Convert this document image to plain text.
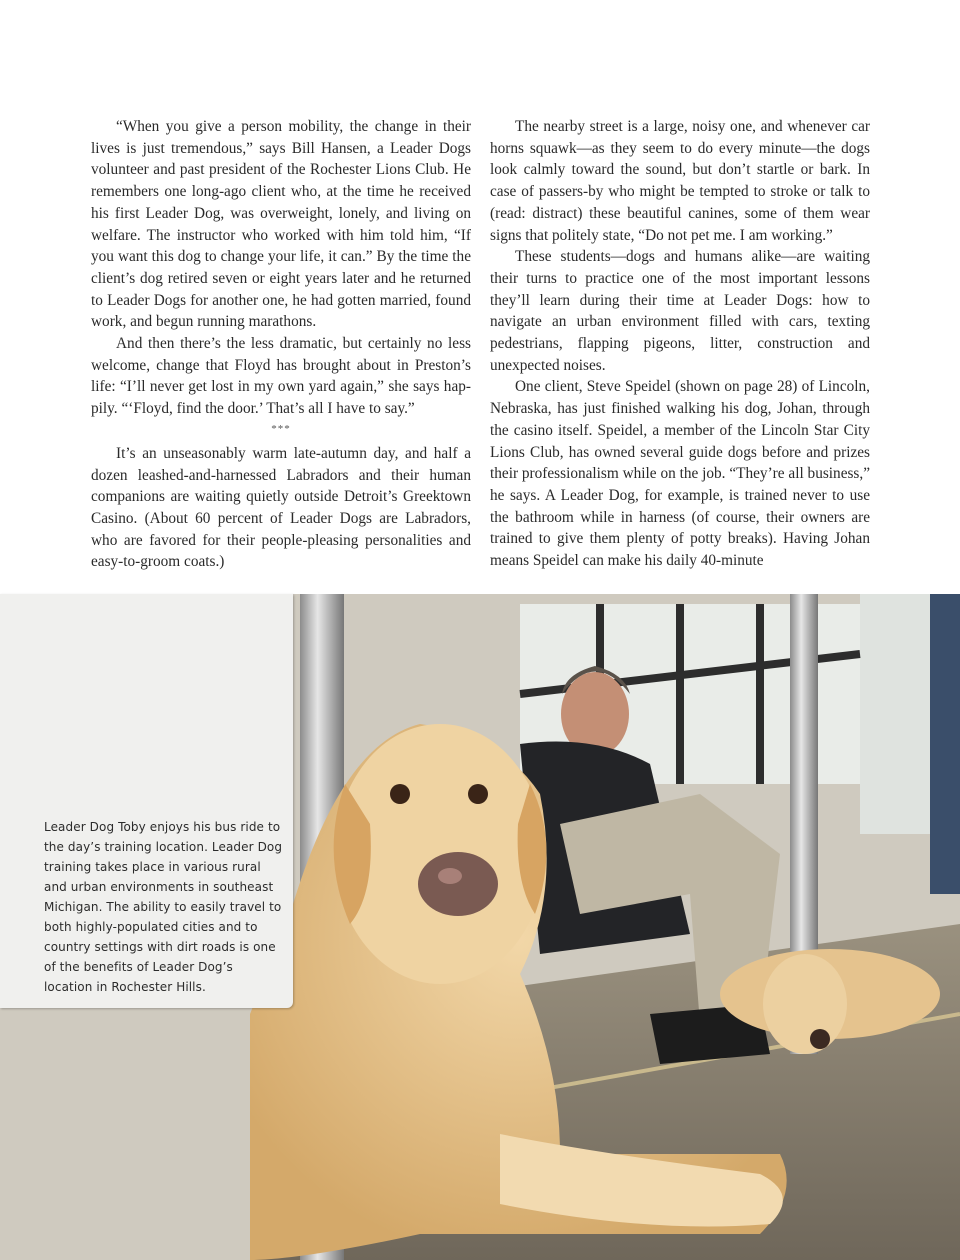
“When you give a person mobility, the change in their lives is just tremendous,” says Bill Hansen, a Leader Dogs volunteer and past president of the Rochester Lions Club. He remembers one long-ago client who, at the time he received his first Leader Dog, was overweight, lonely, and living on welfare. The instructor who worked with him told him, “If you want this dog to change your life, it can.” By the time the client’s dog retired seven or eight years later and he returned to Leader Dogs for another one, he had gotten married, found work, and begun running marathons.

And then there’s the less dramatic, but certainly no less welcome, change that Floyd has brought about in Preston’s life: “I’ll never get lost in my own yard again,” she says happily. “‘Floyd, find the door.’ That’s all I have to say.”

***

It’s an unseasonably warm late-autumn day, and half a dozen leashed-and-harnessed Labradors and their human companions are waiting quietly outside Detroit’s Greektown Casino. (About 60 percent of Leader Dogs are Labradors, who are favored for their people-pleasing personalities and easy-to-groom coats.)

The nearby street is a large, noisy one, and whenever car horns squawk—as they seem to do every minute—the dogs look calmly toward the sound, but don’t startle or bark. In case of passers-by who might be tempted to stroke or talk to (read: distract) these beautiful canines, some of them wear signs that politely state, “Do not pet me. I am working.”

These students—dogs and humans alike—are waiting their turns to practice one of the most important lessons they’ll learn during their time at Leader Dogs: how to navigate an urban environment filled with cars, texting pedestrians, flapping pigeons, litter, construction and unexpected noises.

One client, Steve Speidel (shown on page 28) of Lincoln, Nebraska, has just finished walking his dog, Johan, through the casino itself. Speidel, a member of the Lincoln Star City Lions Club, has owned several guide dogs before and prizes their professionalism while on the job. “They’re all business,” he says. A Leader Dog, for example, is trained never to use the bathroom while in harness (of course, their owners are trained to give them plenty of potty breaks). Having Johan means Speidel can make his daily 40-minute

Leader Dog Toby enjoys his bus ride to the day’s training location. Leader Dog training takes place in various rural and urban environments in southeast Michigan. The ability to easily travel to both highly-populated cities and to country settings with dirt roads is one of the benefits of Leader Dog’s location in Rochester Hills.
